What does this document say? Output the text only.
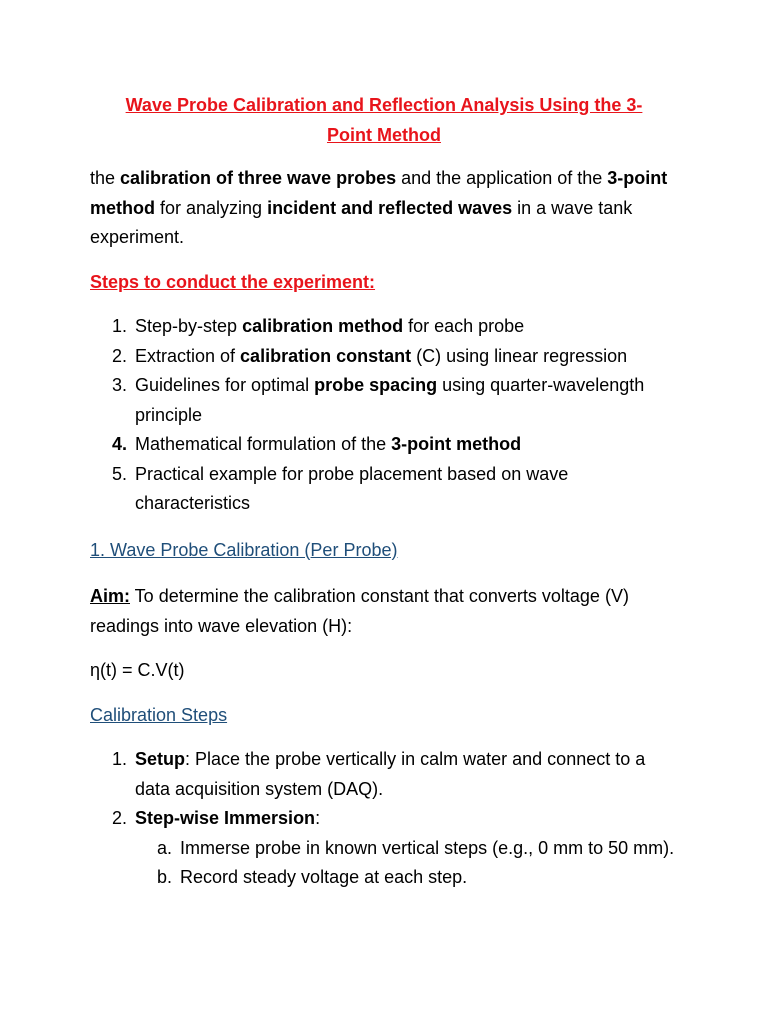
Wave Probe Calibration and Reflection Analysis Using the 3-
Point Method

the calibration of three wave probes and the application of the 3-point method for analyzing incident and reflected waves in a wave tank experiment.

Steps to conduct the experiment:

1. Step-by-step calibration method for each probe
2. Extraction of calibration constant (C) using linear regression
3. Guidelines for optimal probe spacing using quarter-wavelength principle
4. Mathematical formulation of the 3-point method
5. Practical example for probe placement based on wave characteristics

1. Wave Probe Calibration (Per Probe)

Aim: To determine the calibration constant that converts voltage (V) readings into wave elevation (H):

η(t) = C.V(t)

Calibration Steps

1. Setup: Place the probe vertically in calm water and connect to a data acquisition system (DAQ).
2. Step-wise Immersion:
a. Immerse probe in known vertical steps (e.g., 0 mm to 50 mm).
b. Record steady voltage at each step.
